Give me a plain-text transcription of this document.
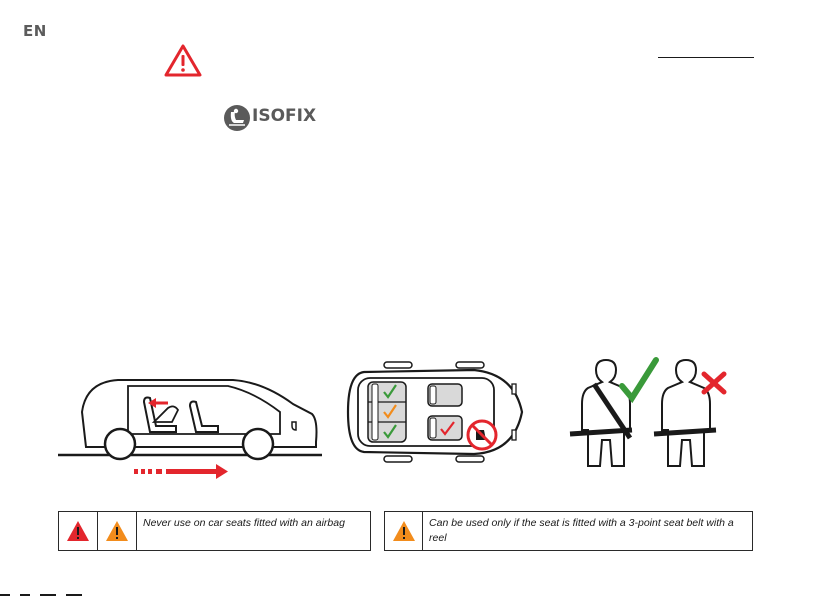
EN
ISOFIX
Never use on car seats fitted with an airbag	Can be used only if the seat is fitted with a 3-point seat belt with a reel
